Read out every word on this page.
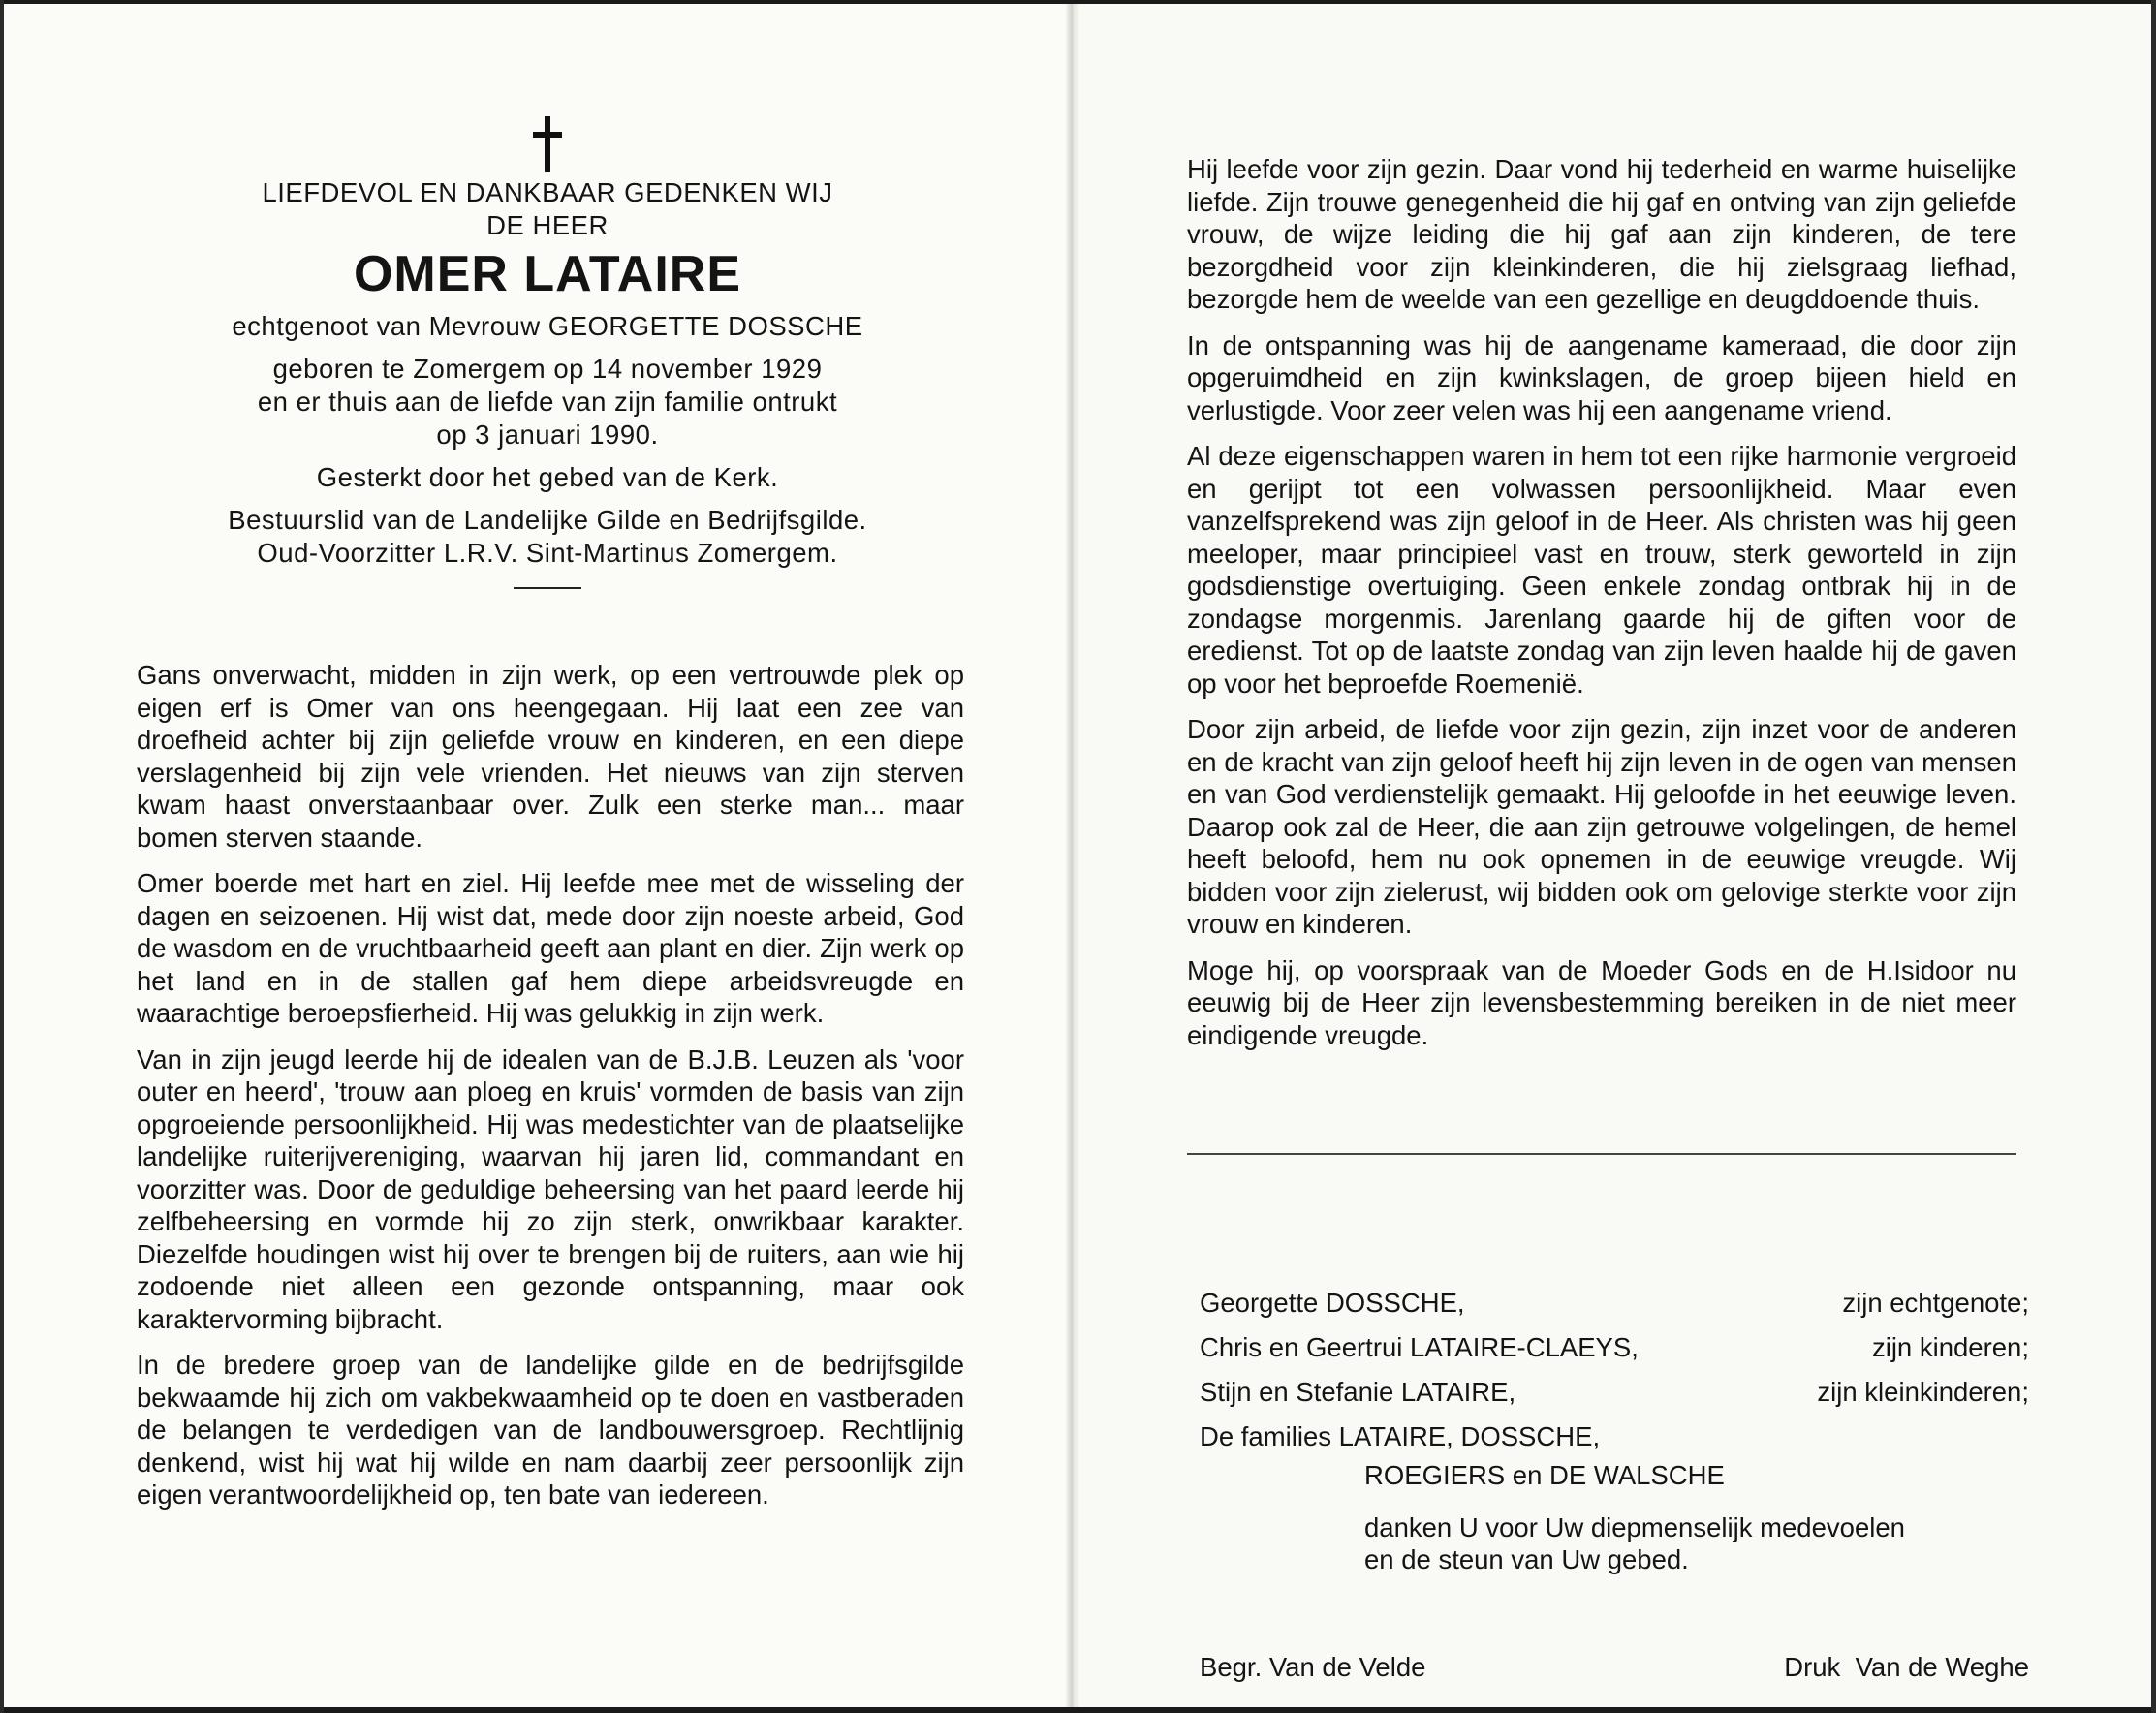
LIEFDEVOL EN DANKBAAR GEDENKEN WIJ
DE HEER
OMER LATAIRE
echtgenoot van Mevrouw GEORGETTE DOSSCHE
geboren te Zomergem op 14 november 1929
en er thuis aan de liefde van zijn familie ontrukt
op 3 januari 1990.
Gesterkt door het gebed van de Kerk.
Bestuurslid van de Landelijke Gilde en Bedrijfsgilde.
Oud-Voorzitter L.R.V. Sint-Martinus Zomergem.

Gans onverwacht, midden in zijn werk, op een vertrouwde plek op eigen erf is Omer van ons heengegaan. Hij laat een zee van droefheid achter bij zijn geliefde vrouw en kinderen, en een diepe verslagenheid bij zijn vele vrienden. Het nieuws van zijn sterven kwam haast onverstaanbaar over. Zulk een sterke man... maar bomen sterven staande.

Omer boerde met hart en ziel. Hij leefde mee met de wisseling der dagen en seizoenen. Hij wist dat, mede door zijn noeste arbeid, God de wasdom en de vruchtbaarheid geeft aan plant en dier. Zijn werk op het land en in de stallen gaf hem diepe arbeidsvreugde en waarachtige beroepsfierheid. Hij was gelukkig in zijn werk.

Van in zijn jeugd leerde hij de idealen van de B.J.B. Leuzen als 'voor outer en heerd', 'trouw aan ploeg en kruis' vormden de basis van zijn opgroeiende persoonlijkheid. Hij was medestichter van de plaatselijke landelijke ruiterijvereniging, waarvan hij jaren lid, commandant en voorzitter was. Door de geduldige beheersing van het paard leerde hij zelfbeheersing en vormde hij zo zijn sterk, onwrikbaar karakter. Diezelfde houdingen wist hij over te brengen bij de ruiters, aan wie hij zodoende niet alleen een gezonde ontspanning, maar ook karaktervorming bijbracht.

In de bredere groep van de landelijke gilde en de bedrijfsgilde bekwaamde hij zich om vakbekwaamheid op te doen en vastberaden de belangen te verdedigen van de landbouwersgroep. Rechtlijnig denkend, wist hij wat hij wilde en nam daarbij zeer persoonlijk zijn eigen verantwoordelijkheid op, ten bate van iedereen.

Hij leefde voor zijn gezin. Daar vond hij tederheid en warme huiselijke liefde. Zijn trouwe genegenheid die hij gaf en ontving van zijn geliefde vrouw, de wijze leiding die hij gaf aan zijn kinderen, de tere bezorgdheid voor zijn kleinkinderen, die hij zielsgraag liefhad, bezorgde hem de weelde van een gezellige en deugddoende thuis.

In de ontspanning was hij de aangename kameraad, die door zijn opgeruimdheid en zijn kwinkslagen, de groep bijeen hield en verlustigde. Voor zeer velen was hij een aangename vriend.

Al deze eigenschappen waren in hem tot een rijke harmonie vergroeid en gerijpt tot een volwassen persoonlijkheid. Maar even vanzelfsprekend was zijn geloof in de Heer. Als christen was hij geen meeloper, maar principieel vast en trouw, sterk geworteld in zijn godsdienstige overtuiging. Geen enkele zondag ontbrak hij in de zondagse morgenmis. Jarenlang gaarde hij de giften voor de eredienst. Tot op de laatste zondag van zijn leven haalde hij de gaven op voor het beproefde Roemenië.

Door zijn arbeid, de liefde voor zijn gezin, zijn inzet voor de anderen en de kracht van zijn geloof heeft hij zijn leven in de ogen van mensen en van God verdienstelijk gemaakt. Hij geloofde in het eeuwige leven. Daarop ook zal de Heer, die aan zijn getrouwe volgelingen, de hemel heeft beloofd, hem nu ook opnemen in de eeuwige vreugde. Wij bidden voor zijn zielerust, wij bidden ook om gelovige sterkte voor zijn vrouw en kinderen.

Moge hij, op voorspraak van de Moeder Gods en de H.Isidoor nu eeuwig bij de Heer zijn levensbestemming bereiken in de niet meer eindigende vreugde.

Georgette DOSSCHE,	zijn echtgenote;
Chris en Geertrui LATAIRE-CLAEYS,	zijn kinderen;
Stijn en Stefanie LATAIRE,	zijn kleinkinderen;
De families LATAIRE, DOSSCHE,
ROEGIERS en DE WALSCHE
danken U voor Uw diepmenselijk medevoelen
en de steun van Uw gebed.
Begr. Van de Velde	Druk  Van de Weghe
